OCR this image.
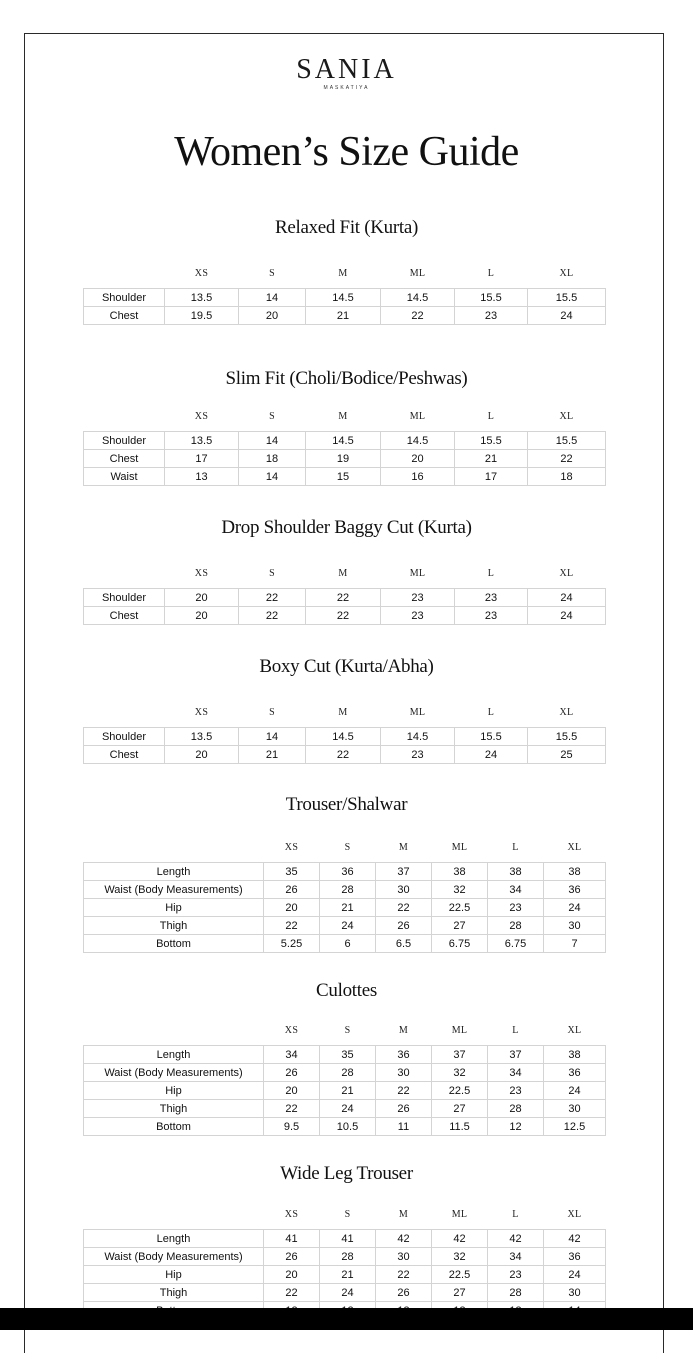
SANIA
MASKATIYA
Women’s Size Guide
Relaxed Fit (Kurta)
	XS	S	M	ML	L	XL
Shoulder	13.5	14	14.5	14.5	15.5	15.5
Chest	19.5	20	21	22	23	24
Slim Fit (Choli/Bodice/Peshwas)
	XS	S	M	ML	L	XL
Shoulder	13.5	14	14.5	14.5	15.5	15.5
Chest	17	18	19	20	21	22
Waist	13	14	15	16	17	18
Drop Shoulder Baggy Cut (Kurta)
	XS	S	M	ML	L	XL
Shoulder	20	22	22	23	23	24
Chest	20	22	22	23	23	24
Boxy Cut (Kurta/Abha)
	XS	S	M	ML	L	XL
Shoulder	13.5	14	14.5	14.5	15.5	15.5
Chest	20	21	22	23	24	25
Trouser/Shalwar
	XS	S	M	ML	L	XL
Length	35	36	37	38	38	38
Waist (Body Measurements)	26	28	30	32	34	36
Hip	20	21	22	22.5	23	24
Thigh	22	24	26	27	28	30
Bottom	5.25	6	6.5	6.75	6.75	7
Culottes
	XS	S	M	ML	L	XL
Length	34	35	36	37	37	38
Waist (Body Measurements)	26	28	30	32	34	36
Hip	20	21	22	22.5	23	24
Thigh	22	24	26	27	28	30
Bottom	9.5	10.5	11	11.5	12	12.5
Wide Leg Trouser
	XS	S	M	ML	L	XL
Length	41	41	42	42	42	42
Waist (Body Measurements)	26	28	30	32	34	36
Hip	20	21	22	22.5	23	24
Thigh	22	24	26	27	28	30
